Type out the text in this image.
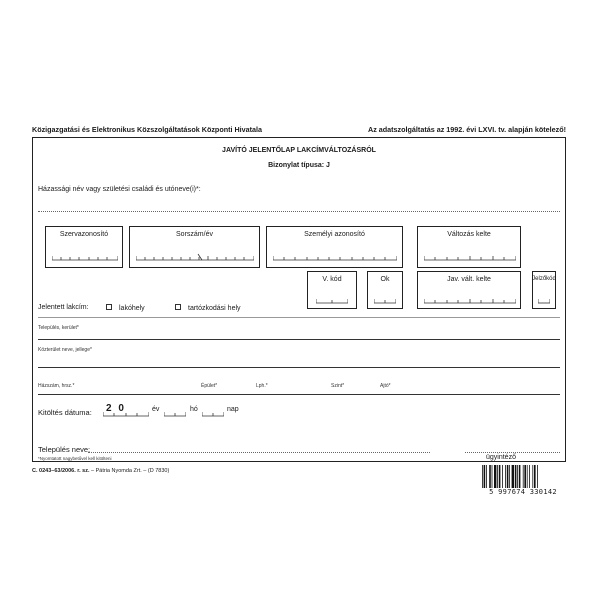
Közigazgatási és Elektronikus Közszolgáltatások Központi Hivatala	Az adatszolgáltatás az 1992. évi LXVI. tv. alapján kötelező!
JAVÍTÓ JELENTŐLAP LAKCÍMVÁLTOZÁSRÓL
Bizonylat típusa: J
Házassági név vagy születési családi és utóneve(i)*:
Szervazonosító	Sorszám/év	Személyi azonosító	Változás kelte
V. kód	Ok	Jav. vált. kelte	Jelzőkód
Jelentett lakcím:	lakóhely	tartózkodási hely
Település, kerület*
Közterület neve, jellege*
Házszám, hrsz.*	Épület*	Lph.*	Szint*	Ajtó*
Kitöltés dátuma: 2 0	év	hó	nap
Település neve:
*Nyomtatott nagybetűvel kell kitölteni	ügyintéző
C. 0243–63/2006. r. sz. – Pátria Nyomda Zrt. – (D 7830)
5 997674 330142
